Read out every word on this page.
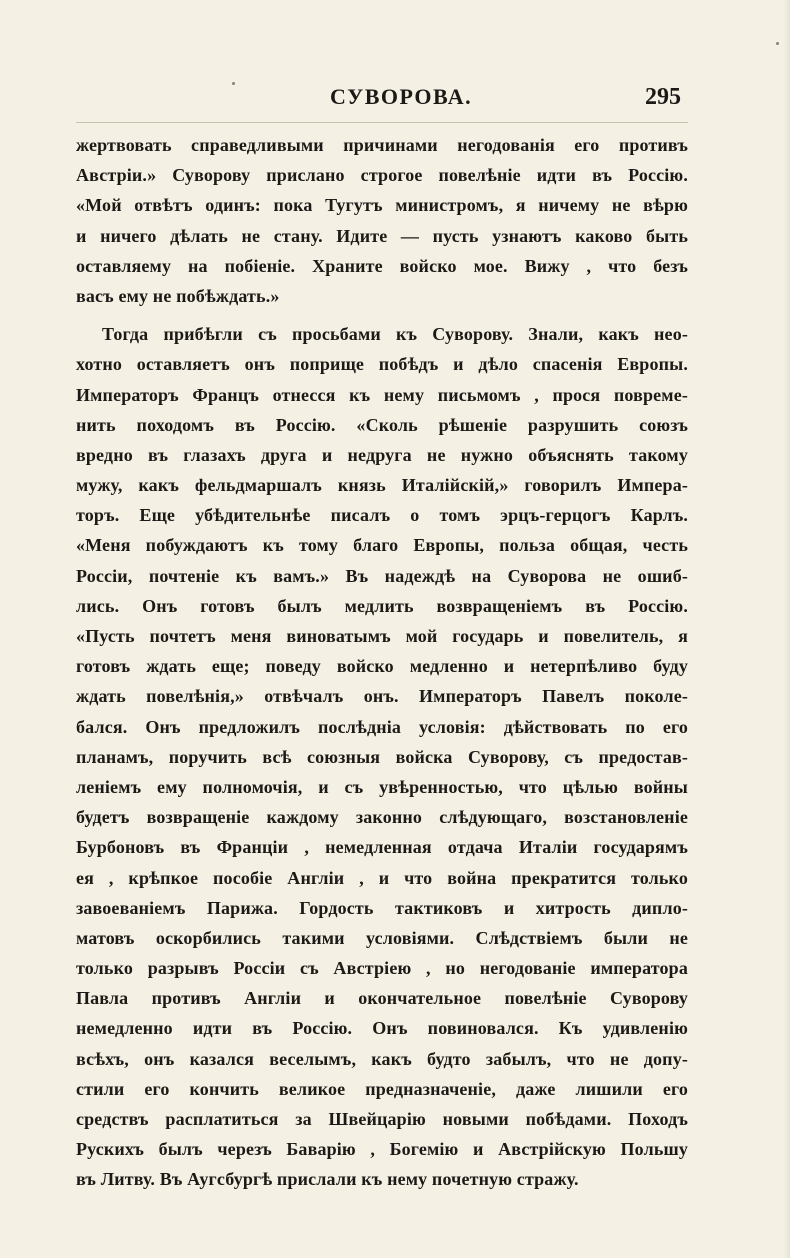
СУВОРОВА.	295
жертвовать справедливыми причинами негодованія его противъ
Австріи.» Суворову прислано строгое повелѣніе идти въ Россію.
«Мой отвѣтъ одинъ: пока Тугутъ министромъ, я ничему не вѣрю
и ничего дѣлать не стану. Идите — пусть узнаютъ каково быть
оставляему на побіеніе. Храните войско мое. Вижу , что безъ
васъ ему не побѣждать.»
Тогда прибѣгли съ просьбами къ Суворову. Знали, какъ неo-
хотно оставляетъ онъ поприще побѣдъ и дѣло спасенія Европы.
Императоръ Францъ отнесся къ нему письмомъ , прося повреме-
нить походомъ въ Россію. «Сколь рѣшеніе разрушить союзъ
вредно въ глазахъ друга и недруга не нужно объяснять такому
мужу, какъ фельдмаршалъ князь Италійскій,» говорилъ Импера-
торъ. Еще убѣдительнѣе писалъ о томъ эрцъ-герцогъ Карлъ.
«Меня побуждаютъ къ тому благо Европы, польза общая, честь
Россіи, почтеніе къ вамъ.» Въ надеждѣ на Суворова не ошиб-
лись. Онъ готовъ былъ медлить возвращеніемъ въ Россію.
«Пусть почтетъ меня виноватымъ мой государь и повелитель, я
готовъ ждать еще; поведу войско медленно и нетерпѣливо буду
ждать повелѣнія,» отвѣчалъ онъ. Императоръ Павелъ поколе-
бался. Онъ предложилъ послѣдніа условія: дѣйствовать по его
планамъ, поручить всѣ союзныя войска Суворову, съ предостав-
леніемъ ему полномочія, и съ увѣренностью, что цѣлью войны
будетъ возвращеніе каждому законно слѣдующаго, возстановленіе
Бурбоновъ въ Франціи , немедленная отдача Италіи государямъ
ея , крѣпкое пособіе Англіи , и что война прекратится только
завоеваніемъ Парижа. Гордость тактиковъ и хитрость дипло-
матовъ оскорбились такими условіями. Слѣдствіемъ были не
только разрывъ Россіи съ Австріею , но негодованіе императора
Павла противъ Англіи и окончательное повелѣніе Суворову
немедленно идти въ Россію. Онъ повиновался. Къ удивленію
всѣхъ, онъ казался веселымъ, какъ будто забылъ, что не допу-
стили его кончить великое предназначеніе, даже лишили его
средствъ расплатиться за Швейцарію новыми побѣдами. Походъ
Рускихъ былъ черезъ Баварію , Богемію и Австрійскую Польшу
въ Литву. Въ Аугсбургѣ прислали къ нему почетную стражу.
